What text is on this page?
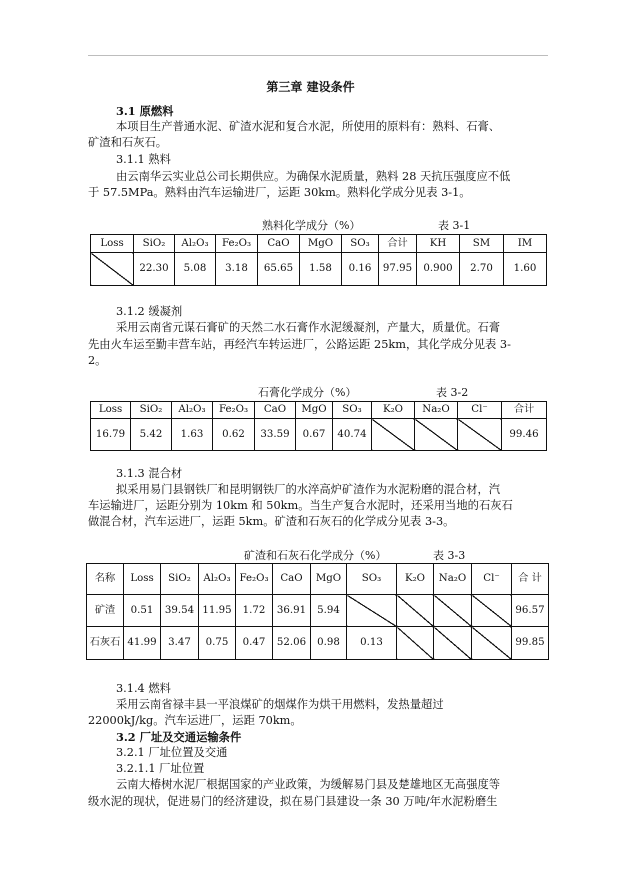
第三章 建设条件
3.1 原燃料
本项目生产普通水泥、矿渣水泥和复合水泥，所使用的原料有：熟料、石膏、
矿渣和石灰石。
3.1.1 熟料
由云南华云实业总公司长期供应。为确保水泥质量，熟料 28 天抗压强度应不低
于 57.5MPa。熟料由汽车运输进厂，运距 30km。熟料化学成分见表 3-1。
熟料化学成分（%）	表 3-1
Loss	SiO₂	Al₂O₃	Fe₂O₃	CaO	MgO	SO₃	合计	KH	SM	IM
	22.30	5.08	3.18	65.65	1.58	0.16	97.95	0.900	2.70	1.60
3.1.2 缓凝剂
采用云南省元谋石膏矿的天然二水石膏作水泥缓凝剂，产量大，质量优。石膏
先由火车运至勤丰营车站，再经汽车转运进厂，公路运距 25km，其化学成分见表 3-
2。
石膏化学成分（%）	表 3-2
Loss	SiO₂	Al₂O₃	Fe₂O₃	CaO	MgO	SO₃	K₂O	Na₂O	Cl⁻	合计
16.79	5.42	1.63	0.62	33.59	0.67	40.74				99.46
3.1.3 混合材
拟采用易门县钢铁厂和昆明钢铁厂的水淬高炉矿渣作为水泥粉磨的混合材，汽
车运输进厂，运距分别为 10km 和 50km。当生产复合水泥时，还采用当地的石灰石
做混合材，汽车运进厂，运距 5km。矿渣和石灰石的化学成分见表 3-3。
矿渣和石灰石化学成分（%）	表 3-3
名称	Loss	SiO₂	Al₂O₃	Fe₂O₃	CaO	MgO	SO₃	K₂O	Na₂O	Cl⁻	合 计
矿渣	0.51	39.54	11.95	1.72	36.91	5.94					96.57
石灰石	41.99	3.47	0.75	0.47	52.06	0.98	0.13				99.85
3.1.4 燃料
采用云南省禄丰县一平浪煤矿的烟煤作为烘干用燃料，发热量超过
22000kJ/kg。汽车运进厂，运距 70km。
3.2 厂址及交通运输条件
3.2.1 厂址位置及交通
3.2.1.1 厂址位置
云南大椿树水泥厂根据国家的产业政策，为缓解易门县及楚雄地区无高强度等
级水泥的现状，促进易门的经济建设，拟在易门县建设一条 30 万吨/年水泥粉磨生
